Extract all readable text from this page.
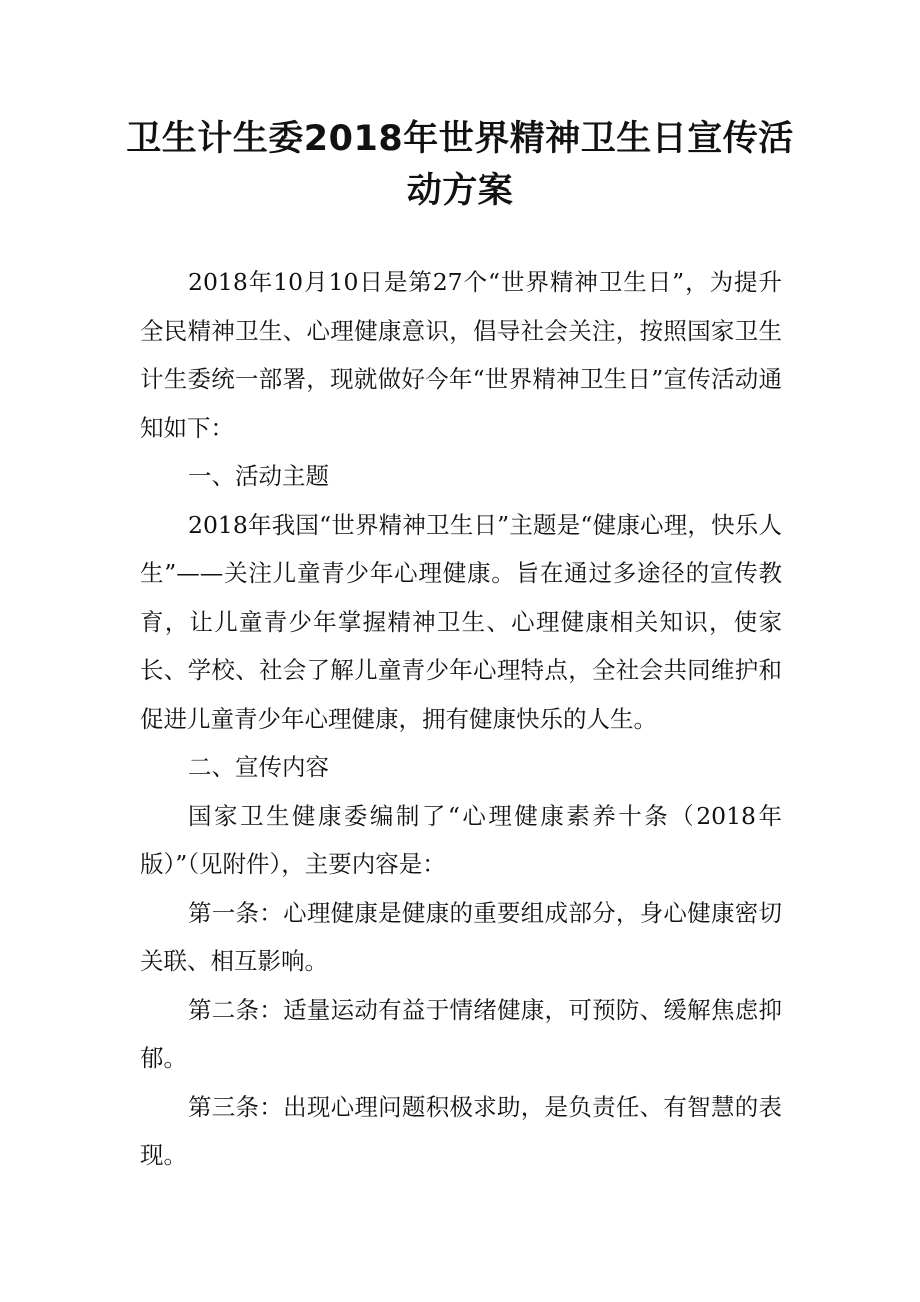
卫生计生委2018年世界精神卫生日宣传活动方案

2018年10月10日是第27个“世界精神卫生日”，为提升全民精神卫生、心理健康意识，倡导社会关注，按照国家卫生计生委统一部署，现就做好今年“世界精神卫生日”宣传活动通知如下：

一、活动主题

2018年我国“世界精神卫生日”主题是“健康心理，快乐人生”——关注儿童青少年心理健康。旨在通过多途径的宣传教育，让儿童青少年掌握精神卫生、心理健康相关知识，使家长、学校、社会了解儿童青少年心理特点，全社会共同维护和促进儿童青少年心理健康，拥有健康快乐的人生。

二、宣传内容

国家卫生健康委编制了“心理健康素养十条（2018年版）”（见附件），主要内容是：

第一条：心理健康是健康的重要组成部分，身心健康密切关联、相互影响。

第二条：适量运动有益于情绪健康，可预防、缓解焦虑抑郁。

第三条：出现心理问题积极求助，是负责任、有智慧的表现。
